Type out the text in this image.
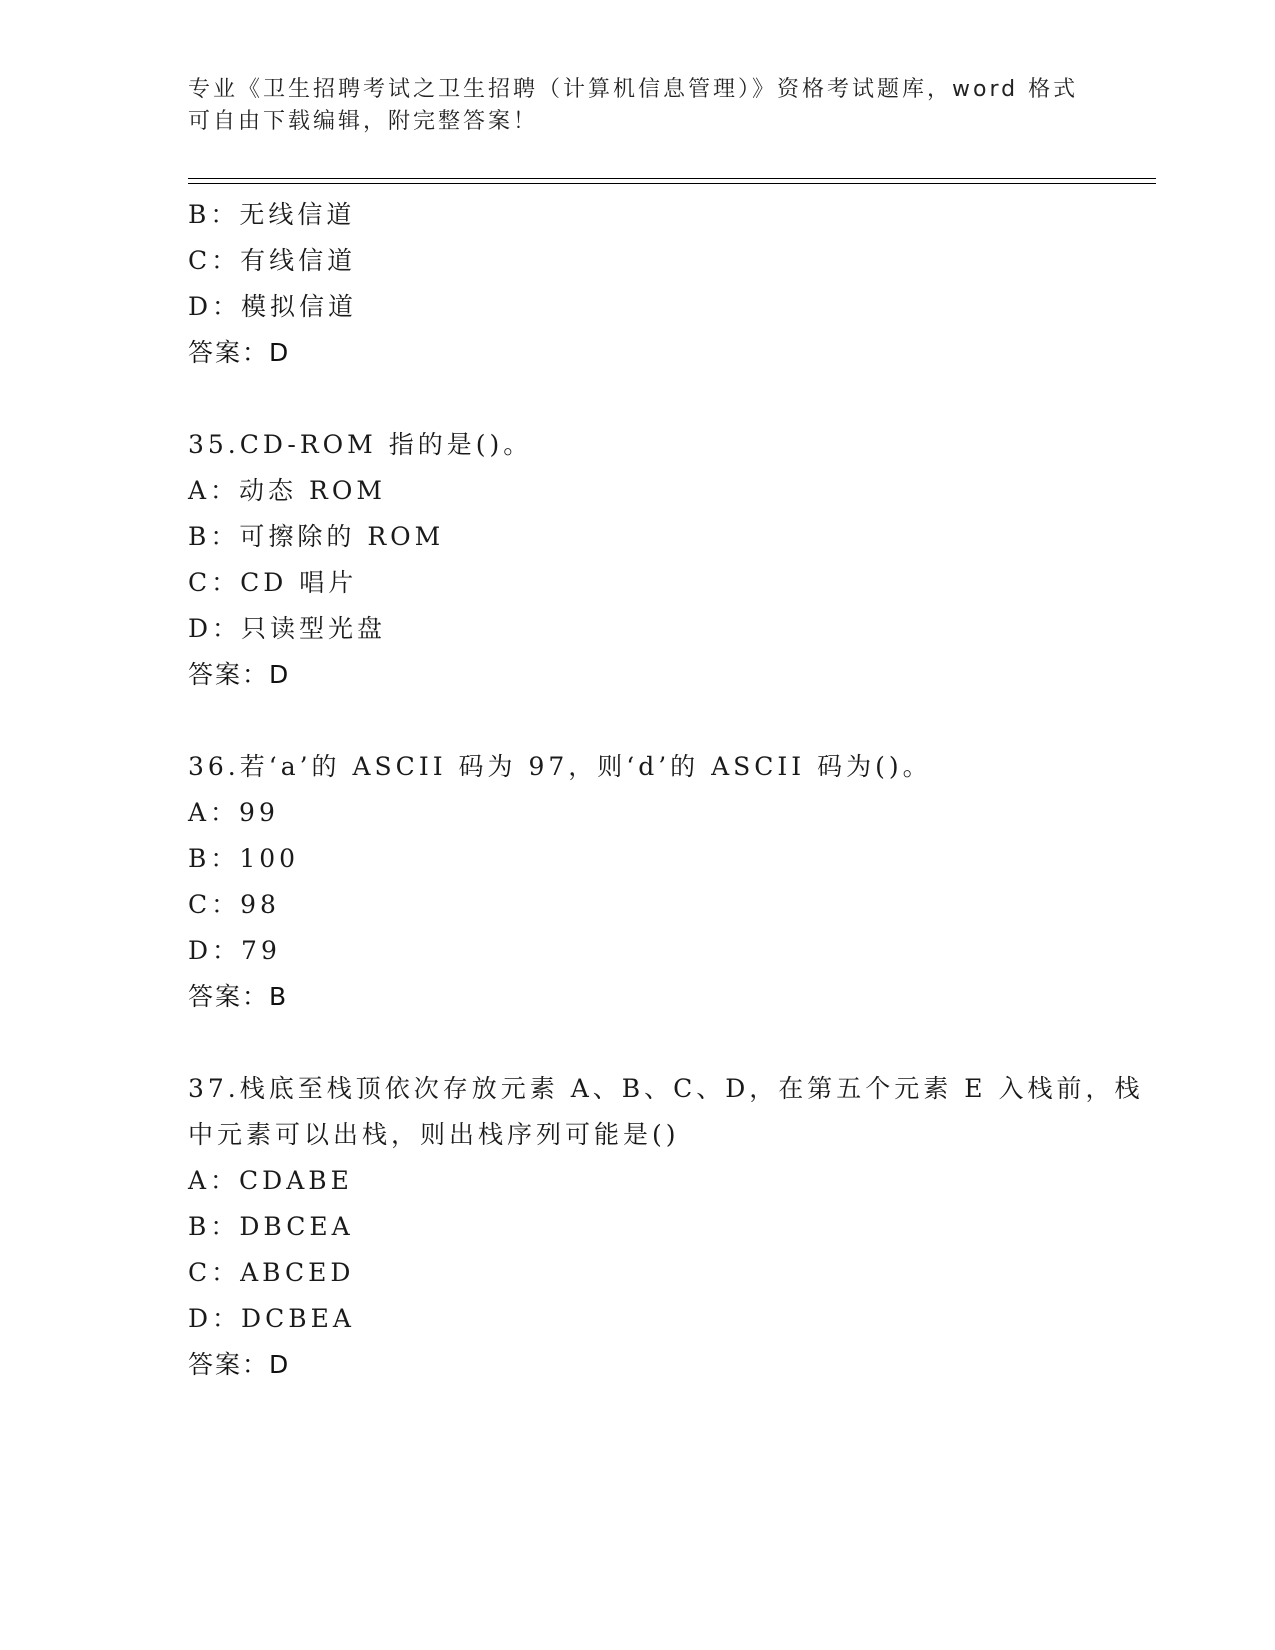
专业《卫生招聘考试之卫生招聘（计算机信息管理）》资格考试题库，word 格式
可自由下载编辑，附完整答案！
B：无线信道
C：有线信道
D：模拟信道
答案：D
35.CD-ROM 指的是()。
A：动态 ROM
B：可擦除的 ROM
C：CD 唱片
D：只读型光盘
答案：D
36.若‘a’的 ASCII 码为 97，则‘d’的 ASCII 码为()。
A：99
B：100
C：98
D：79
答案：B
37.栈底至栈顶依次存放元素 A、B、C、D，在第五个元素 E 入栈前，栈
中元素可以出栈，则出栈序列可能是()
A：CDABE
B：DBCEA
C：ABCED
D：DCBEA
答案：D
